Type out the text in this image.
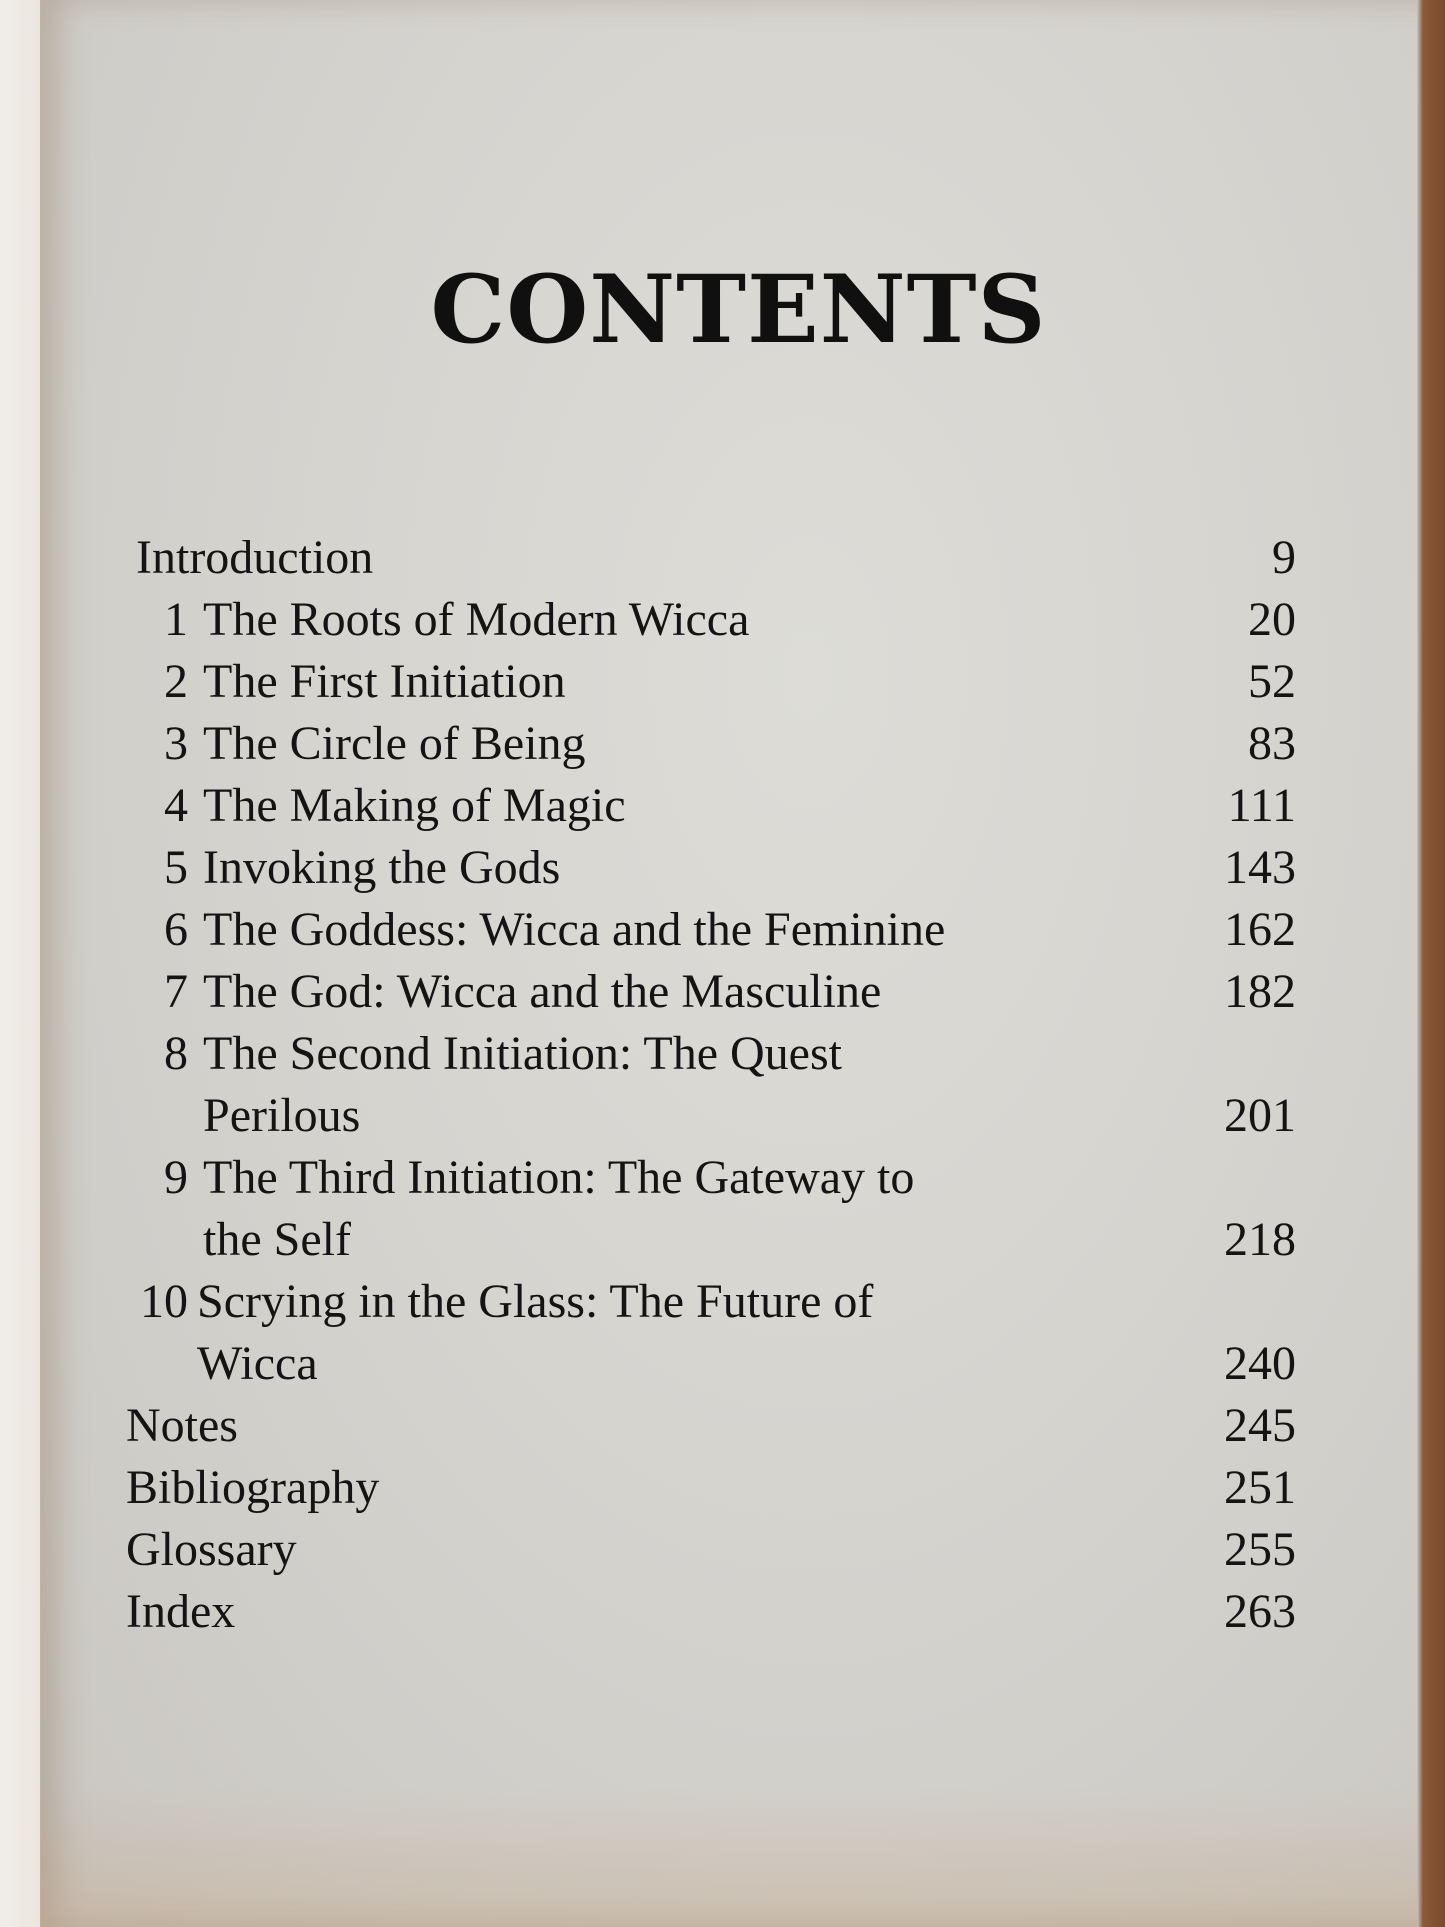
CONTENTS
Introduction	9
1 The Roots of Modern Wicca	20
2 The First Initiation	52
3 The Circle of Being	83
4 The Making of Magic	111
5 Invoking the Gods	143
6 The Goddess: Wicca and the Feminine	162
7 The God: Wicca and the Masculine	182
8 The Second Initiation: The Quest
Perilous	201
9 The Third Initiation: The Gateway to
the Self	218
10 Scrying in the Glass: The Future of
Wicca	240
Notes	245
Bibliography	251
Glossary	255
Index	263
